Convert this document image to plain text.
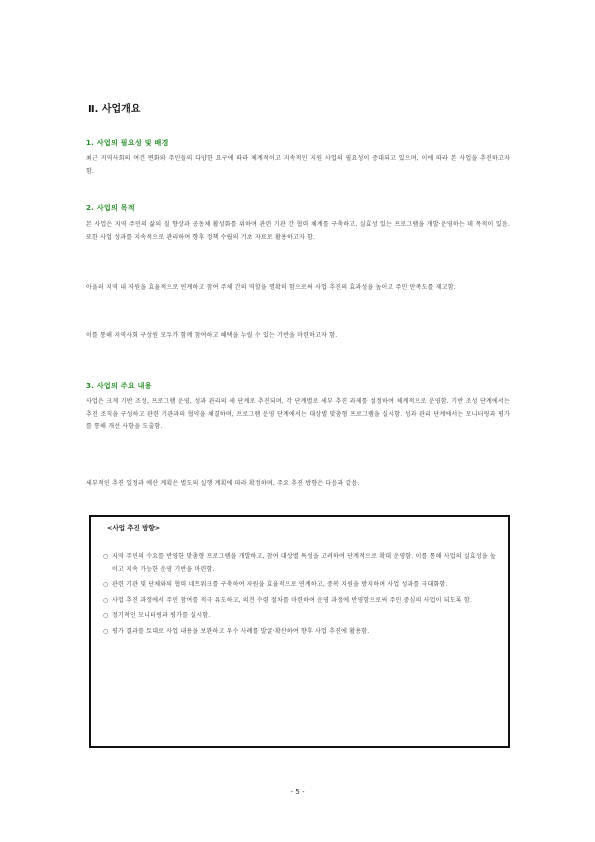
Ⅱ. 사업개요
1. 사업의 필요성 및 배경
최근 지역사회의 여건 변화와 주민들의 다양한 요구에 따라 체계적이고 지속적인 지원 사업의 필요성이 증대되고 있으며, 이에 따라 본 사업을 추진하고자 함.
2. 사업의 목적
본 사업은 지역 주민의 삶의 질 향상과 공동체 활성화를 위하여 관련 기관 간 협력 체계를 구축하고, 실효성 있는 프로그램을 개발·운영하는 데 목적이 있음. 또한 사업 성과를 지속적으로 관리하여 향후 정책 수립의 기초 자료로 활용하고자 함.
아울러 지역 내 자원을 효율적으로 연계하고 참여 주체 간의 역할을 명확히 함으로써 사업 추진의 효과성을 높이고 주민 만족도를 제고함.
이를 통해 지역사회 구성원 모두가 함께 참여하고 혜택을 누릴 수 있는 기반을 마련하고자 함.
3. 사업의 주요 내용
사업은 크게 기반 조성, 프로그램 운영, 성과 관리의 세 단계로 추진되며, 각 단계별로 세부 추진 과제를 설정하여 체계적으로 운영함. 기반 조성 단계에서는 추진 조직을 구성하고 관련 기관과의 협약을 체결하며, 프로그램 운영 단계에서는 대상별 맞춤형 프로그램을 실시함. 성과 관리 단계에서는 모니터링과 평가를 통해 개선 사항을 도출함.
세부적인 추진 일정과 예산 계획은 별도의 실행 계획에 따라 확정하며, 주요 추진 방향은 다음과 같음.
<사업 추진 방향>
○ 지역 주민의 수요를 반영한 맞춤형 프로그램을 개발하고, 참여 대상별 특성을 고려하여 단계적으로 확대 운영함. 이를 통해 사업의 실효성을 높이고 지속 가능한 운영 기반을 마련함.
○ 관련 기관 및 단체와의 협력 네트워크를 구축하여 자원을 효율적으로 연계하고, 중복 지원을 방지하며 사업 성과를 극대화함.
○ 사업 추진 과정에서 주민 참여를 적극 유도하고, 의견 수렴 절차를 마련하여 운영 과정에 반영함으로써 주민 중심의 사업이 되도록 함.
○ 정기적인 모니터링과 평가를 실시함.
○ 평가 결과를 토대로 사업 내용을 보완하고 우수 사례를 발굴·확산하여 향후 사업 추진에 활용함.
- 5 -
